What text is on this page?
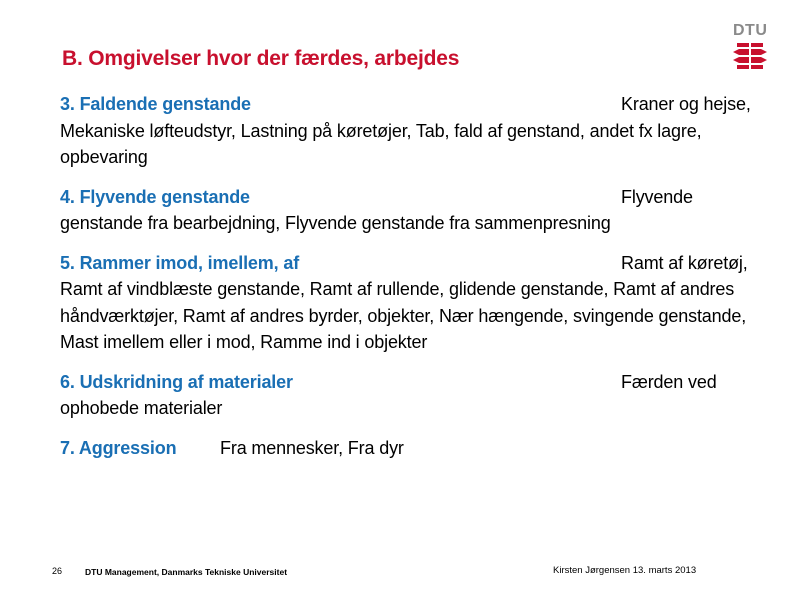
B. Omgivelser hvor der færdes, arbejdes
DTU
3. Faldende genstande	Kraner og hejse, Mekaniske løfteudstyr, Lastning på køretøjer, Tab, fald af genstand, andet fx lagre, opbevaring
4. Flyvende genstande	Flyvende genstande fra bearbejdning, Flyvende genstande fra sammenpresning
5. Rammer imod, imellem, af	Ramt af køretøj, Ramt af vindblæste genstande, Ramt af rullende, glidende genstande, Ramt af andres håndværktøjer, Ramt af andres byrder, objekter, Nær hængende, svingende genstande, Mast imellem eller i mod, Ramme ind i objekter
6. Udskridning af materialer	Færden ved ophobede materialer
7. Aggression Fra mennesker, Fra dyr
26	DTU Management, Danmarks Tekniske Universitet	Kirsten Jørgensen 13. marts 2013
